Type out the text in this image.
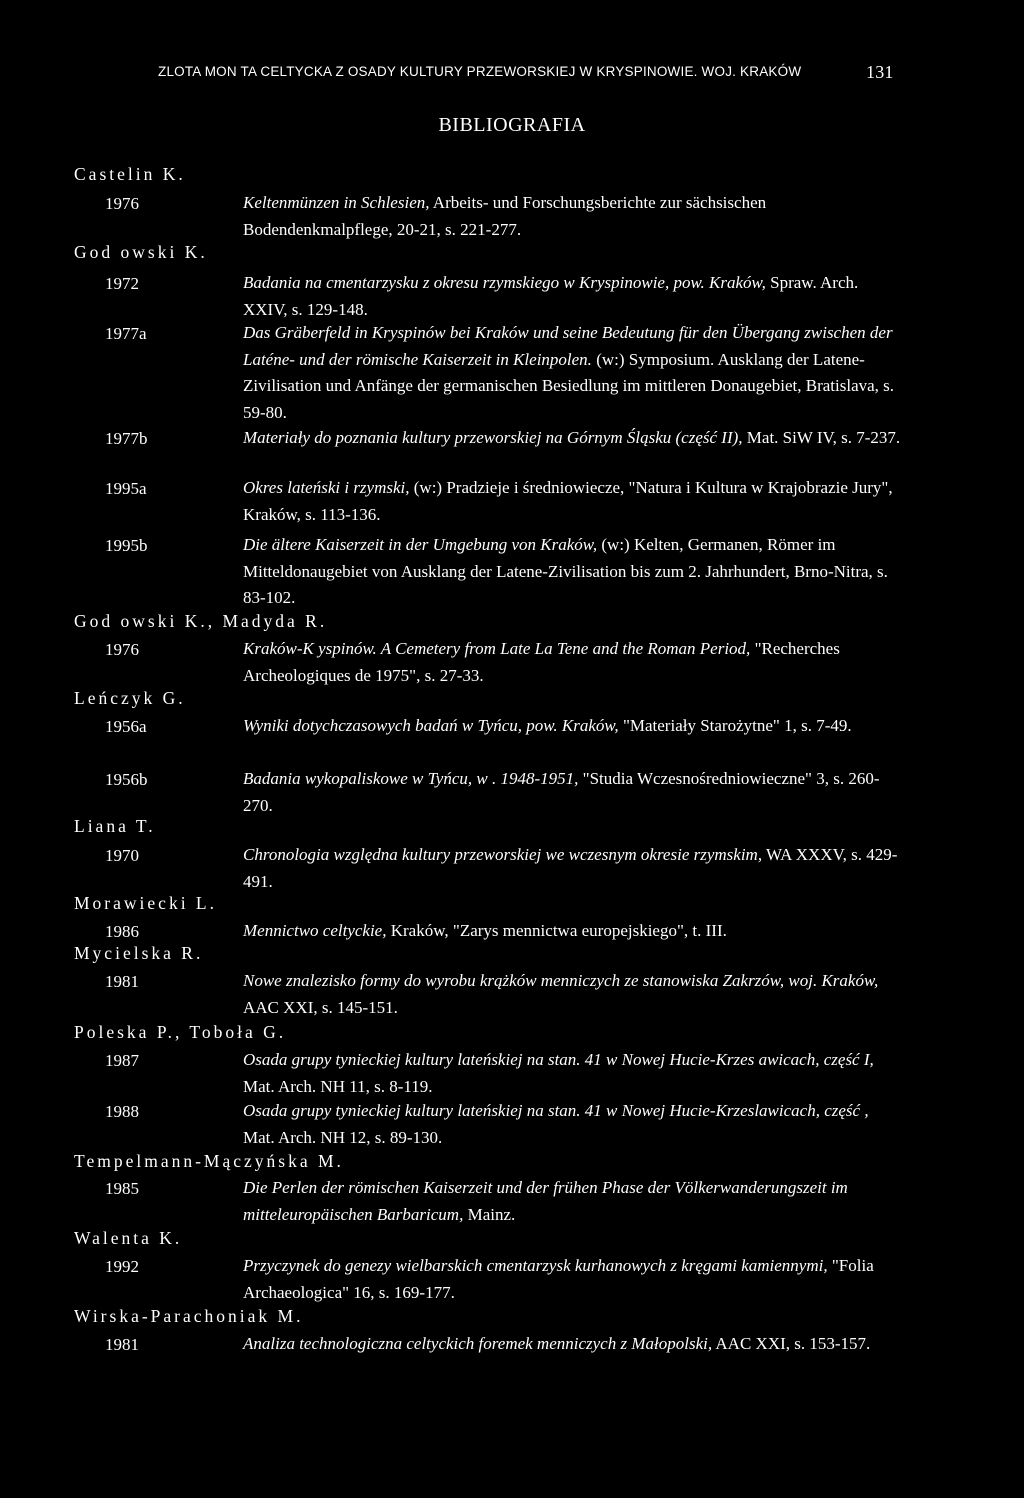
ZLOTA MON TA CELTYCKA Z OSADY KULTURY PRZEWORSKIEJ W KRYSPINOWIE. WOJ. KRAKÓW	131
BIBLIOGRAFIA
Castelin K.
1976	Keltenmünzen in Schlesien, Arbeits- und Forschungsberichte zur sächsischen Bodendenkmalpflege, 20-21, s. 221-277.
God owski K.
1972	Badania na cmentarzysku z okresu rzymskiego w Kryspinowie, pow. Kraków, Spraw. Arch. XXIV, s. 129-148.
1977a	Das Gräberfeld in Kryspinów bei Kraków und seine Bedeutung für den Übergang zwischen der Laténe- und der römische Kaiserzeit in Kleinpolen. (w:) Symposium. Ausklang der Latene-Zivilisation und Anfänge der germanischen Besiedlung im mittleren Donaugebiet, Bratislava, s. 59-80.
1977b	Materiały do poznania kultury przeworskiej na Górnym Śląsku (część II), Mat. SiW IV, s. 7-237.
1995a	Okres lateński i rzymski, (w:) Pradzieje i średniowiecze, "Natura i Kultura w Krajobrazie Jury", Kraków, s. 113-136.
1995b	Die ältere Kaiserzeit in der Umgebung von Kraków, (w:) Kelten, Germanen, Römer im Mitteldonaugebiet von Ausklang der Latene-Zivilisation bis zum 2. Jahrhundert, Brno-Nitra, s. 83-102.
God owski K., Madyda R.
1976	Kraków-K yspinów. A Cemetery from Late La Tene and the Roman Period, "Recherches Archeologiques de 1975", s. 27-33.
Leńczyk G.
1956a	Wyniki dotychczasowych badań w Tyńcu, pow. Kraków, "Materiały Starożytne" 1, s. 7-49.
1956b	Badania wykopaliskowe w Tyńcu, w . 1948-1951, "Studia Wczesnośredniowieczne" 3, s. 260-270.
Liana T.
1970	Chronologia względna kultury przeworskiej we wczesnym okresie rzymskim, WA XXXV, s. 429-491.
Morawiecki L.
1986	Mennictwo celtyckie, Kraków, "Zarys mennictwa europejskiego", t. III.
Mycielska R.
1981	Nowe znalezisko formy do wyrobu krążków menniczych ze stanowiska Zakrzów, woj. Kraków, AAC XXI, s. 145-151.
Poleska P., Toboła G.
1987	Osada grupy tynieckiej kultury lateńskiej na stan. 41 w Nowej Hucie-Krzes awicach, część I, Mat. Arch. NH 11, s. 8-119.
1988	Osada grupy tynieckiej kultury lateńskiej na stan. 41 w Nowej Hucie-Krzeslawicach, część , Mat. Arch. NH 12, s. 89-130.
Tempelmann-Mączyńska M.
1985	Die Perlen der römischen Kaiserzeit und der frühen Phase der Völkerwanderungszeit im mitteleuropäischen Barbaricum, Mainz.
Walenta K.
1992	Przyczynek do genezy wielbarskich cmentarzysk kurhanowych z kręgami kamiennymi, "Folia Archaeologica" 16, s. 169-177.
Wirska-Parachoniak M.
1981	Analiza technologiczna celtyckich foremek menniczych z Małopolski, AAC XXI, s. 153-157.
